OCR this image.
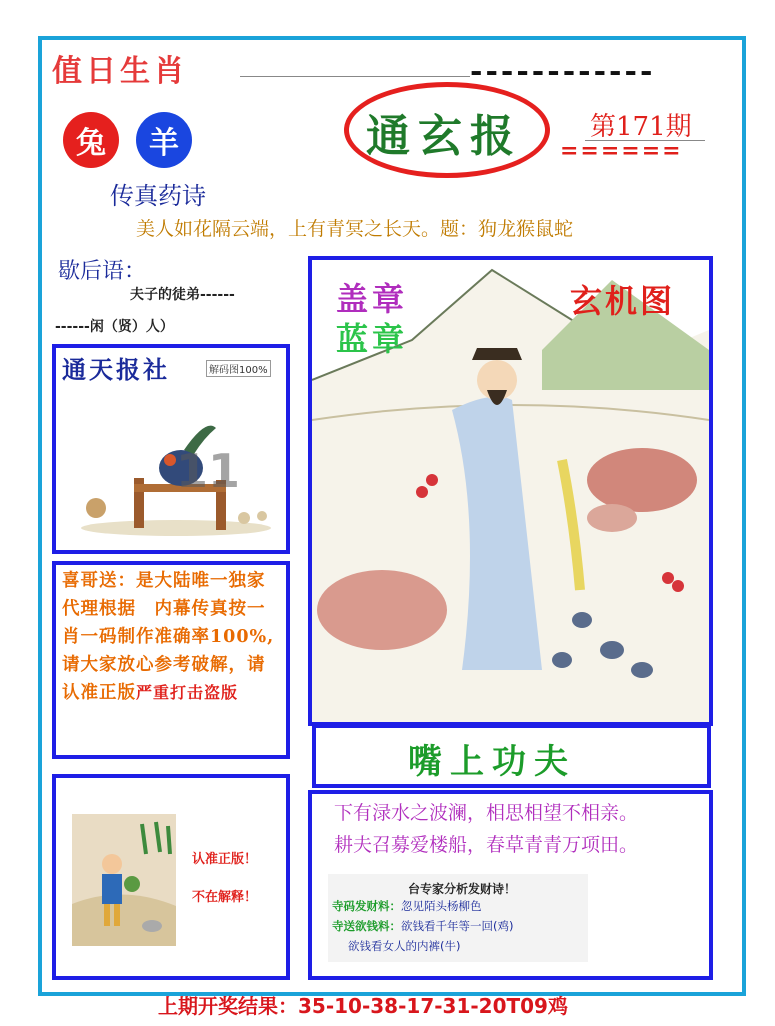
值日生肖	------------
兔	羊	通玄报	第171期
======
传真药诗
美人如花隔云端，上有青冥之长天。题：狗龙猴鼠蛇
歇后语：
夫子的徒弟------
------闲（贤）人）
通天报社	解码图100%
11
喜哥送：是大陆唯一独家代理根据　内幕传真按一肖一码制作准确率100%,请大家放心参考破解，请认准正版严重打击盗版
认准正版！
不在解释！
盖章
蓝章
玄机图
嘴上功夫
下有渌水之波澜，相思相望不相亲。
耕夫召募爱楼船，春草青青万项田。
台专家分析发财诗！
寺码发财料：忽见陌头杨柳色
寺送欲钱料：欲钱看千年等一回(鸡)
欲钱看女人的内裤(牛)
上期开奖结果：35-10-38-17-31-20T09鸡
